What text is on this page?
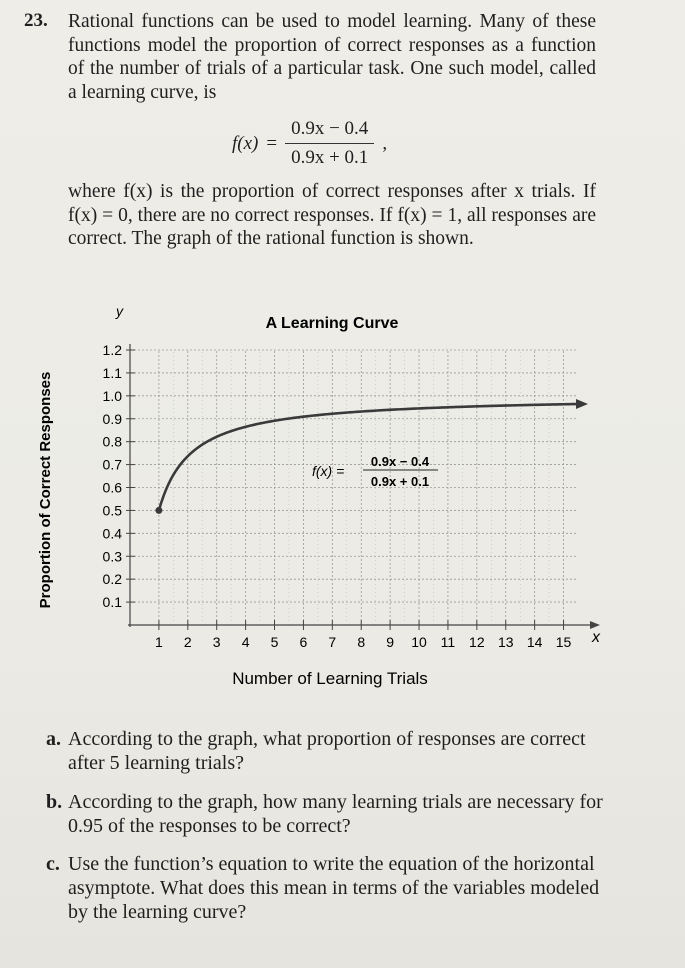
23. Rational functions can be used to model learning. Many of these functions model the proportion of correct responses as a function of the number of trials of a particular task. One such model, called a learning curve, is
$f(x) = \frac{0.9x - 0.4}{0.9x + 0.1}$ ,
where f(x) is the proportion of correct responses after x trials. If f(x) = 0, there are no correct responses. If f(x) = 1, all responses are correct. The graph of the rational function is shown.
A Learning Curve
y
x
Proportion of Correct Responses
Number of Learning Trials
1 2 3 4 5 6 7 8 9 10 11 12 13 14 15
0.1
0.2
0.3
0.4
0.5
0.6
0.7
0.8
0.9
1.0
1.1
1.2
f(x) =
0.9x − 0.4
0.9x + 0.1
a. According to the graph, what proportion of responses are correct after 5 learning trials?
b. According to the graph, how many learning trials are necessary for 0.95 of the responses to be correct?
c. Use the function’s equation to write the equation of the horizontal asymptote. What does this mean in terms of the variables modeled by the learning curve?
